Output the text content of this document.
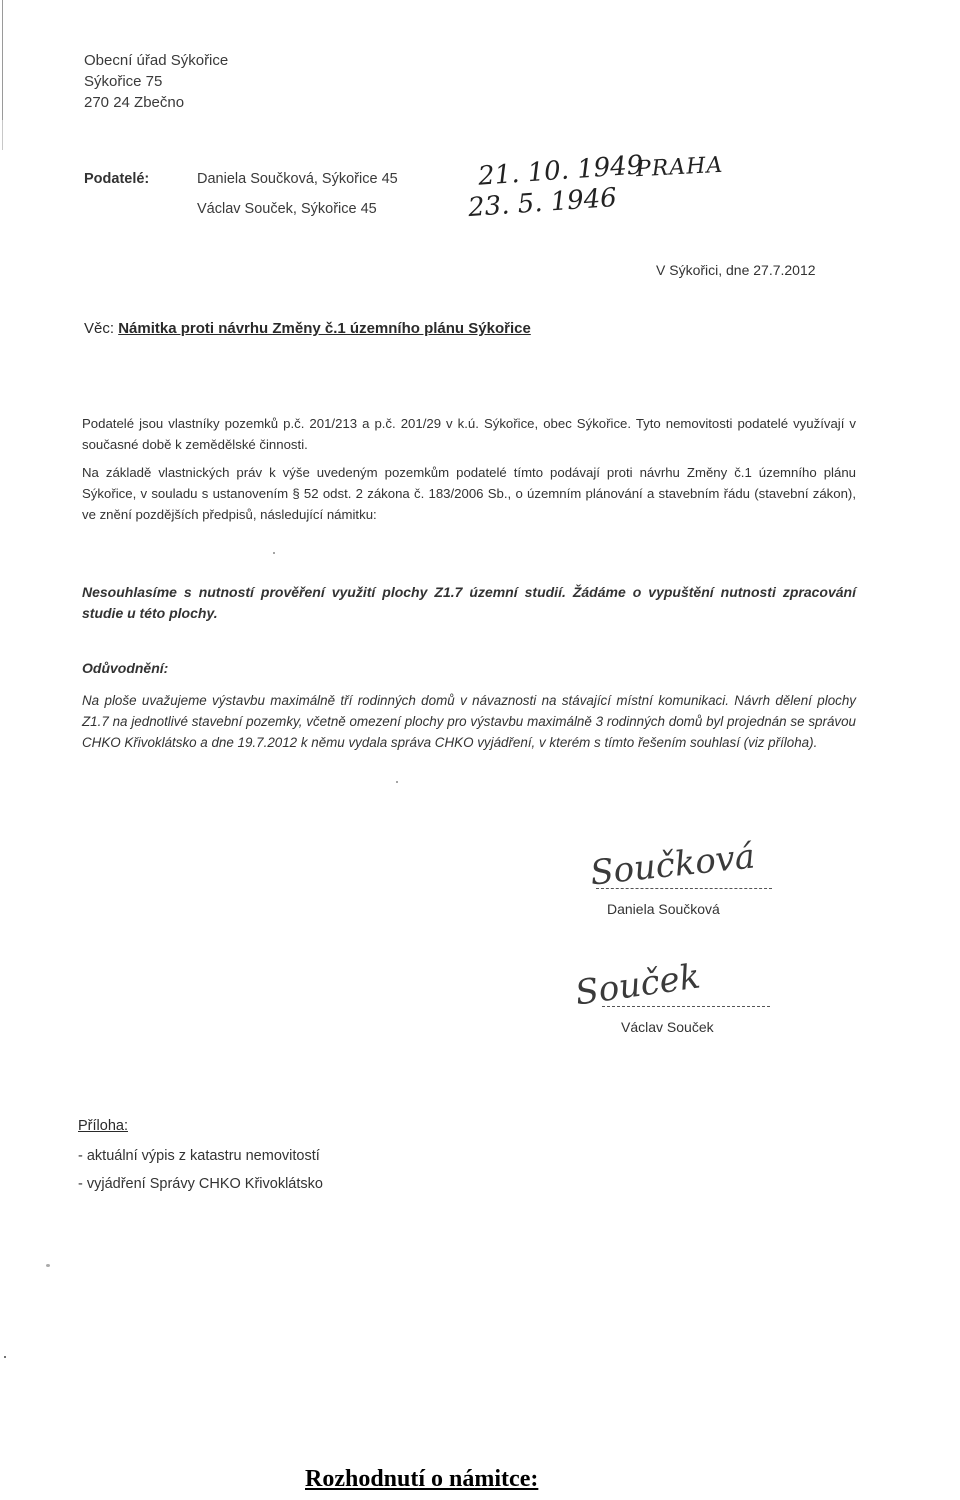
Obecní úřad Sýkořice
Sýkořice 75
270 24 Zbečno
Podatelé:	Daniela Součková, Sýkořice 45
Václav Souček, Sýkořice 45
21. 10. 1949
PRAHA
23. 5. 1946
V Sýkořici, dne 27.7.2012
Věc: Námitka proti návrhu Změny č.1 územního plánu Sýkořice
Podatelé jsou vlastníky pozemků p.č. 201/213 a p.č. 201/29 v k.ú. Sýkořice, obec Sýkořice. Tyto nemovitosti podatelé využívají v současné době k zemědělské činnosti.
Na základě vlastnických práv k výše uvedeným pozemkům podatelé tímto podávají proti návrhu Změny č.1 územního plánu Sýkořice, v souladu s ustanovením § 52 odst. 2 zákona č. 183/2006 Sb., o územním plánování a stavebním řádu (stavební zákon), ve znění pozdějších předpisů, následující námitku:
Nesouhlasíme s nutností prověření využití plochy Z1.7 územní studií. Žádáme o vypuštění nutnosti zpracování studie u této plochy.
Odůvodnění:
Na ploše uvažujeme výstavbu maximálně tří rodinných domů v návaznosti na stávající místní komunikaci. Návrh dělení plochy Z1.7 na jednotlivé stavební pozemky, včetně omezení plochy pro výstavbu maximálně 3 rodinných domů byl projednán se správou CHKO Křivoklátsko a dne 19.7.2012 k němu vydala správa CHKO vyjádření, v kterém s tímto řešením souhlasí (viz příloha).
Součková
Daniela Součková
Souček
Václav Souček
Příloha:
- aktuální výpis z katastru nemovitostí
- vyjádření Správy CHKO Křivoklátsko
Rozhodnutí o námitce:
